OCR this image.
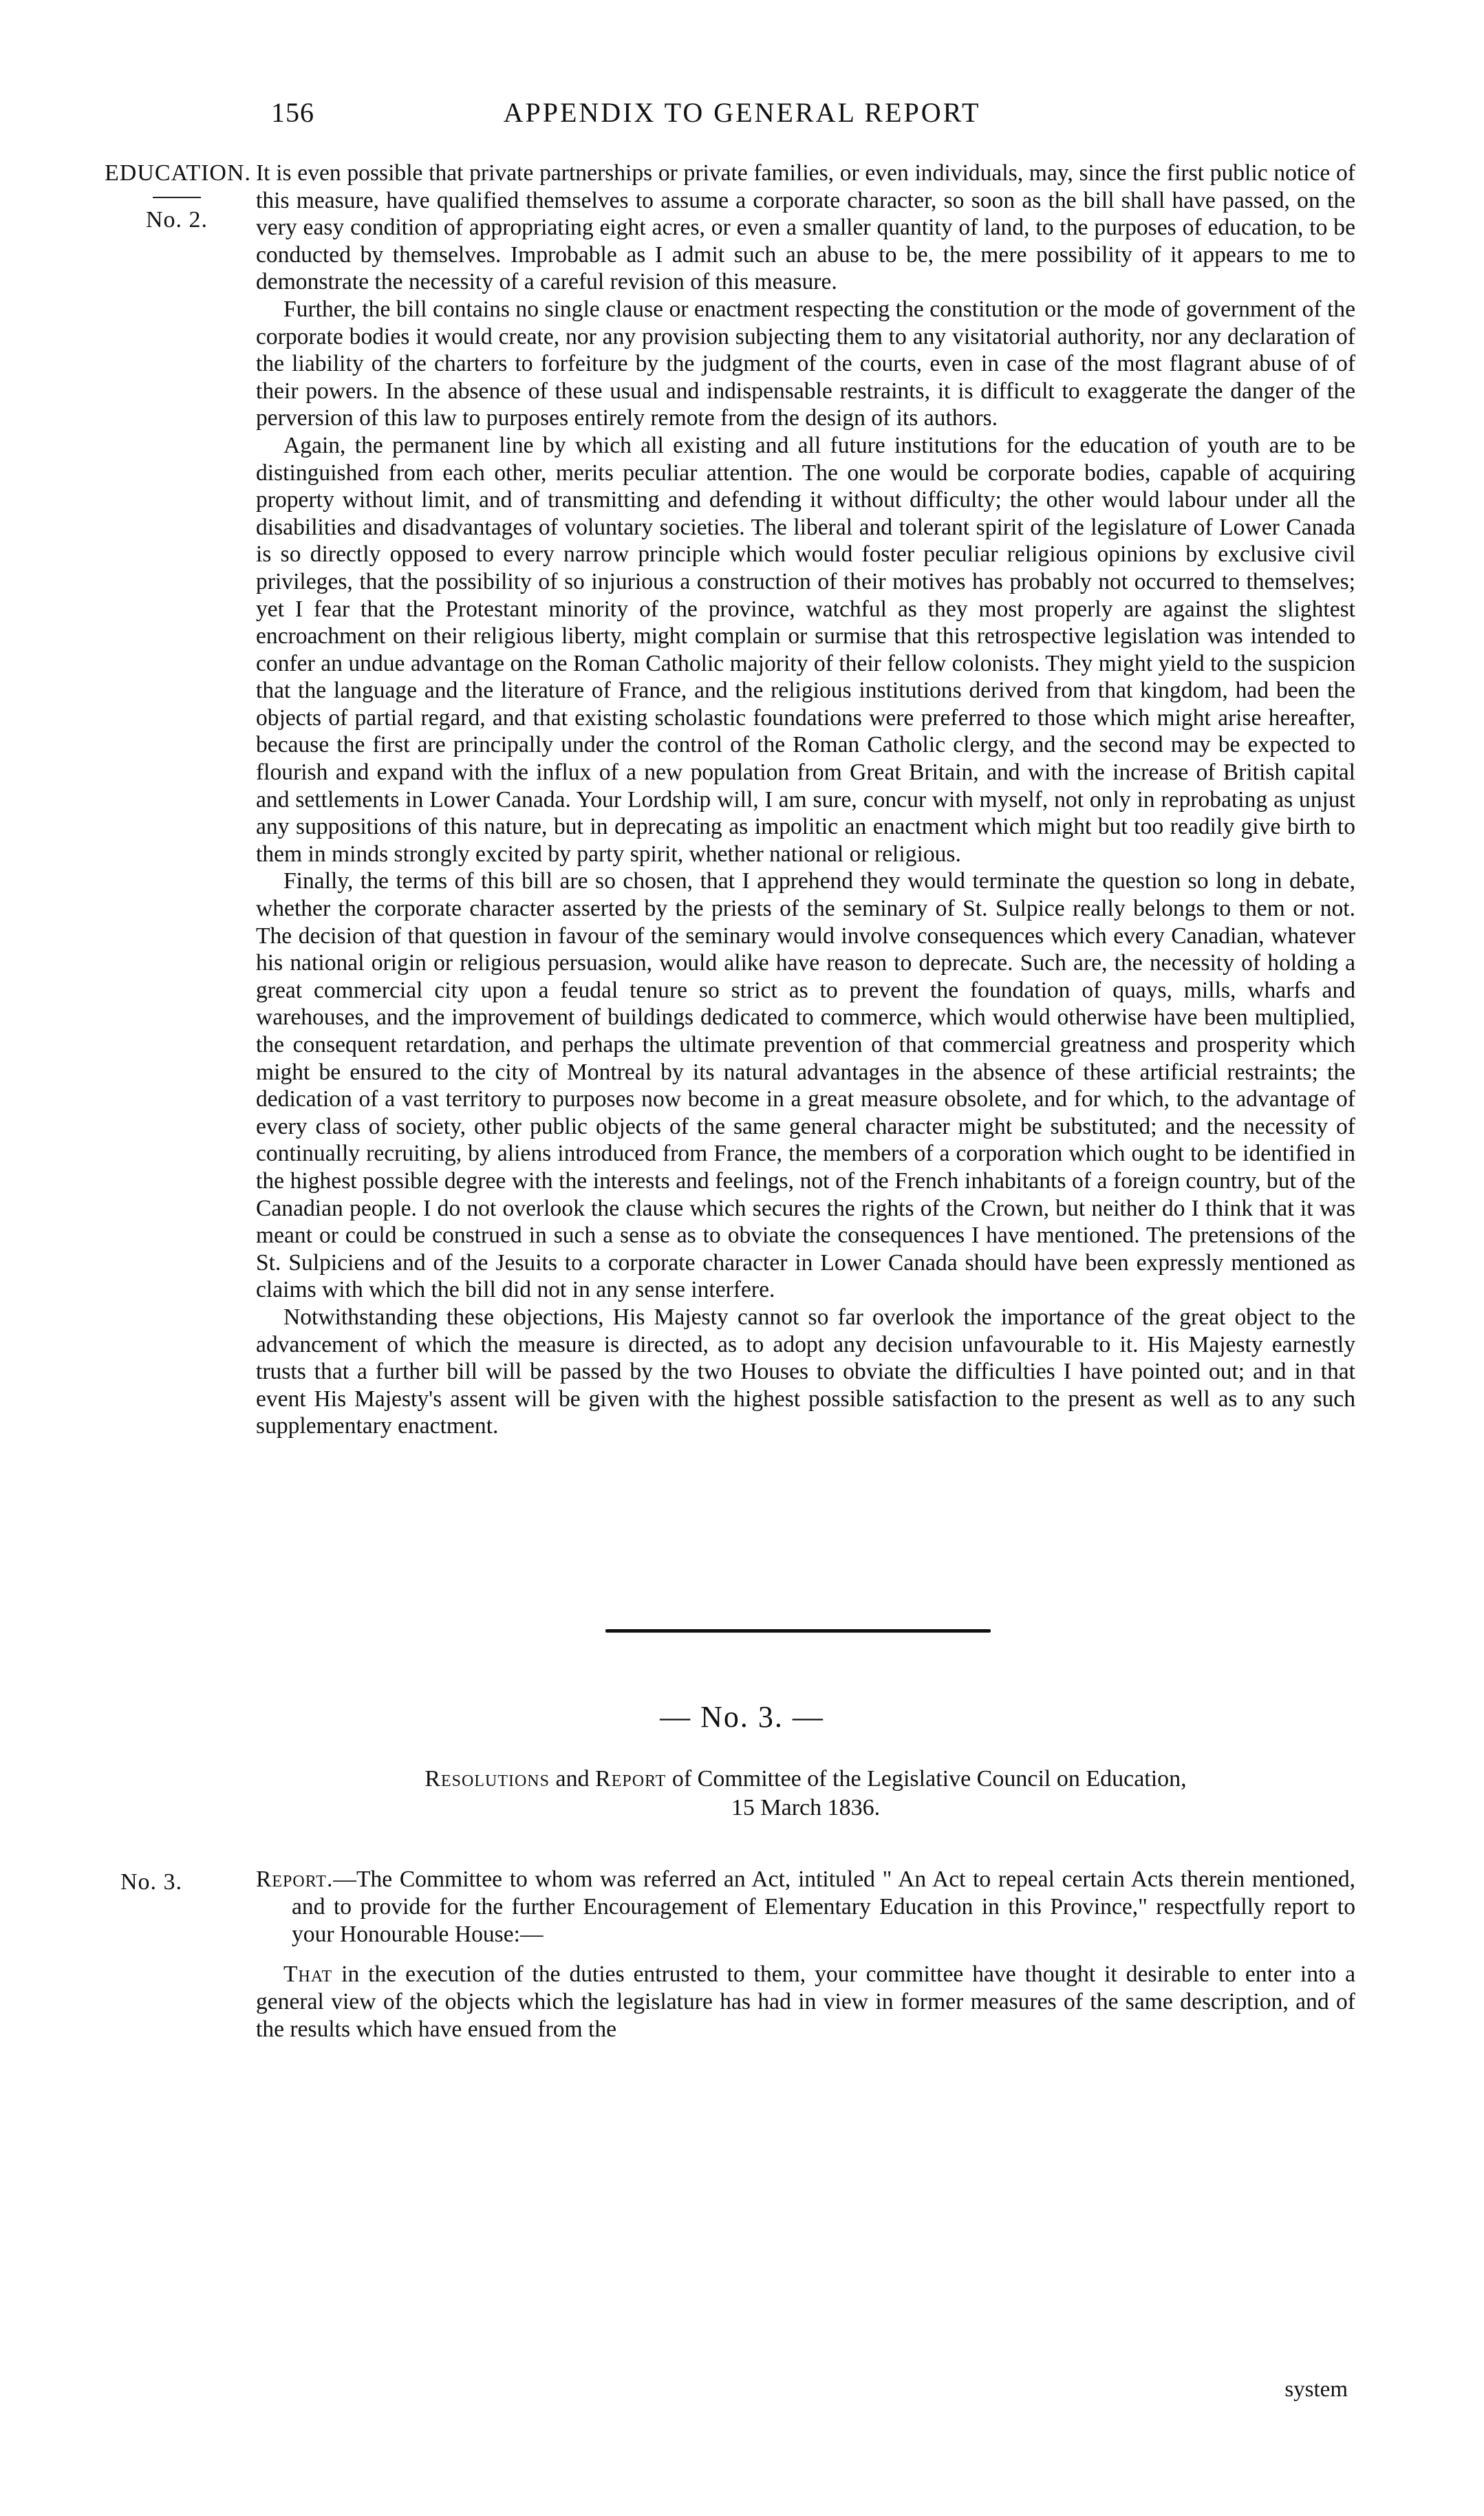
156	APPENDIX TO GENERAL REPORT
EDUCATION.
No. 2.

It is even possible that private partnerships or private families, or even individuals, may, since the first public notice of this measure, have qualified themselves to assume a corporate character, so soon as the bill shall have passed, on the very easy condition of appropriating eight acres, or even a smaller quantity of land, to the purposes of education, to be conducted by themselves. Improbable as I admit such an abuse to be, the mere possibility of it appears to me to demonstrate the necessity of a careful revision of this measure.

Further, the bill contains no single clause or enactment respecting the constitution or the mode of government of the corporate bodies it would create, nor any provision subjecting them to any visitatorial authority, nor any declaration of the liability of the charters to forfeiture by the judgment of the courts, even in case of the most flagrant abuse of of their powers. In the absence of these usual and indispensable restraints, it is difficult to exaggerate the danger of the perversion of this law to purposes entirely remote from the design of its authors.

Again, the permanent line by which all existing and all future institutions for the education of youth are to be distinguished from each other, merits peculiar attention. The one would be corporate bodies, capable of acquiring property without limit, and of transmitting and defending it without difficulty; the other would labour under all the disabilities and disadvantages of voluntary societies. The liberal and tolerant spirit of the legislature of Lower Canada is so directly opposed to every narrow principle which would foster peculiar religious opinions by exclusive civil privileges, that the possibility of so injurious a construction of their motives has probably not occurred to themselves; yet I fear that the Protestant minority of the province, watchful as they most properly are against the slightest encroachment on their religious liberty, might complain or surmise that this retrospective legislation was intended to confer an undue advantage on the Roman Catholic majority of their fellow colonists. They might yield to the suspicion that the language and the literature of France, and the religious institutions derived from that kingdom, had been the objects of partial regard, and that existing scholastic foundations were preferred to those which might arise hereafter, because the first are principally under the control of the Roman Catholic clergy, and the second may be expected to flourish and expand with the influx of a new population from Great Britain, and with the increase of British capital and settlements in Lower Canada. Your Lordship will, I am sure, concur with myself, not only in reprobating as unjust any suppositions of this nature, but in deprecating as impolitic an enactment which might but too readily give birth to them in minds strongly excited by party spirit, whether national or religious.

Finally, the terms of this bill are so chosen, that I apprehend they would terminate the question so long in debate, whether the corporate character asserted by the priests of the seminary of St. Sulpice really belongs to them or not. The decision of that question in favour of the seminary would involve consequences which every Canadian, whatever his national origin or religious persuasion, would alike have reason to deprecate. Such are, the necessity of holding a great commercial city upon a feudal tenure so strict as to prevent the foundation of quays, mills, wharfs and warehouses, and the improvement of buildings dedicated to commerce, which would otherwise have been multiplied, the consequent retardation, and perhaps the ultimate prevention of that commercial greatness and prosperity which might be ensured to the city of Montreal by its natural advantages in the absence of these artificial restraints; the dedication of a vast territory to purposes now become in a great measure obsolete, and for which, to the advantage of every class of society, other public objects of the same general character might be substituted; and the necessity of continually recruiting, by aliens introduced from France, the members of a corporation which ought to be identified in the highest possible degree with the interests and feelings, not of the French inhabitants of a foreign country, but of the Canadian people. I do not overlook the clause which secures the rights of the Crown, but neither do I think that it was meant or could be construed in such a sense as to obviate the consequences I have mentioned. The pretensions of the St. Sulpiciens and of the Jesuits to a corporate character in Lower Canada should have been expressly mentioned as claims with which the bill did not in any sense interfere.

Notwithstanding these objections, His Majesty cannot so far overlook the importance of the great object to the advancement of which the measure is directed, as to adopt any decision unfavourable to it. His Majesty earnestly trusts that a further bill will be passed by the two Houses to obviate the difficulties I have pointed out; and in that event His Majesty's assent will be given with the highest possible satisfaction to the present as well as to any such supplementary enactment.

— No. 3. —
Resolutions and Report of Committee of the Legislative Council on Education,
15 March 1836.
No. 3.	Report.—The Committee to whom was referred an Act, intituled " An Act to repeal certain Acts therein mentioned, and to provide for the further Encouragement of Elementary Education in this Province," respectfully report to your Honourable House:—

That in the execution of the duties entrusted to them, your committee have thought it desirable to enter into a general view of the objects which the legislature has had in view in former measures of the same description, and of the results which have ensued from the

system
